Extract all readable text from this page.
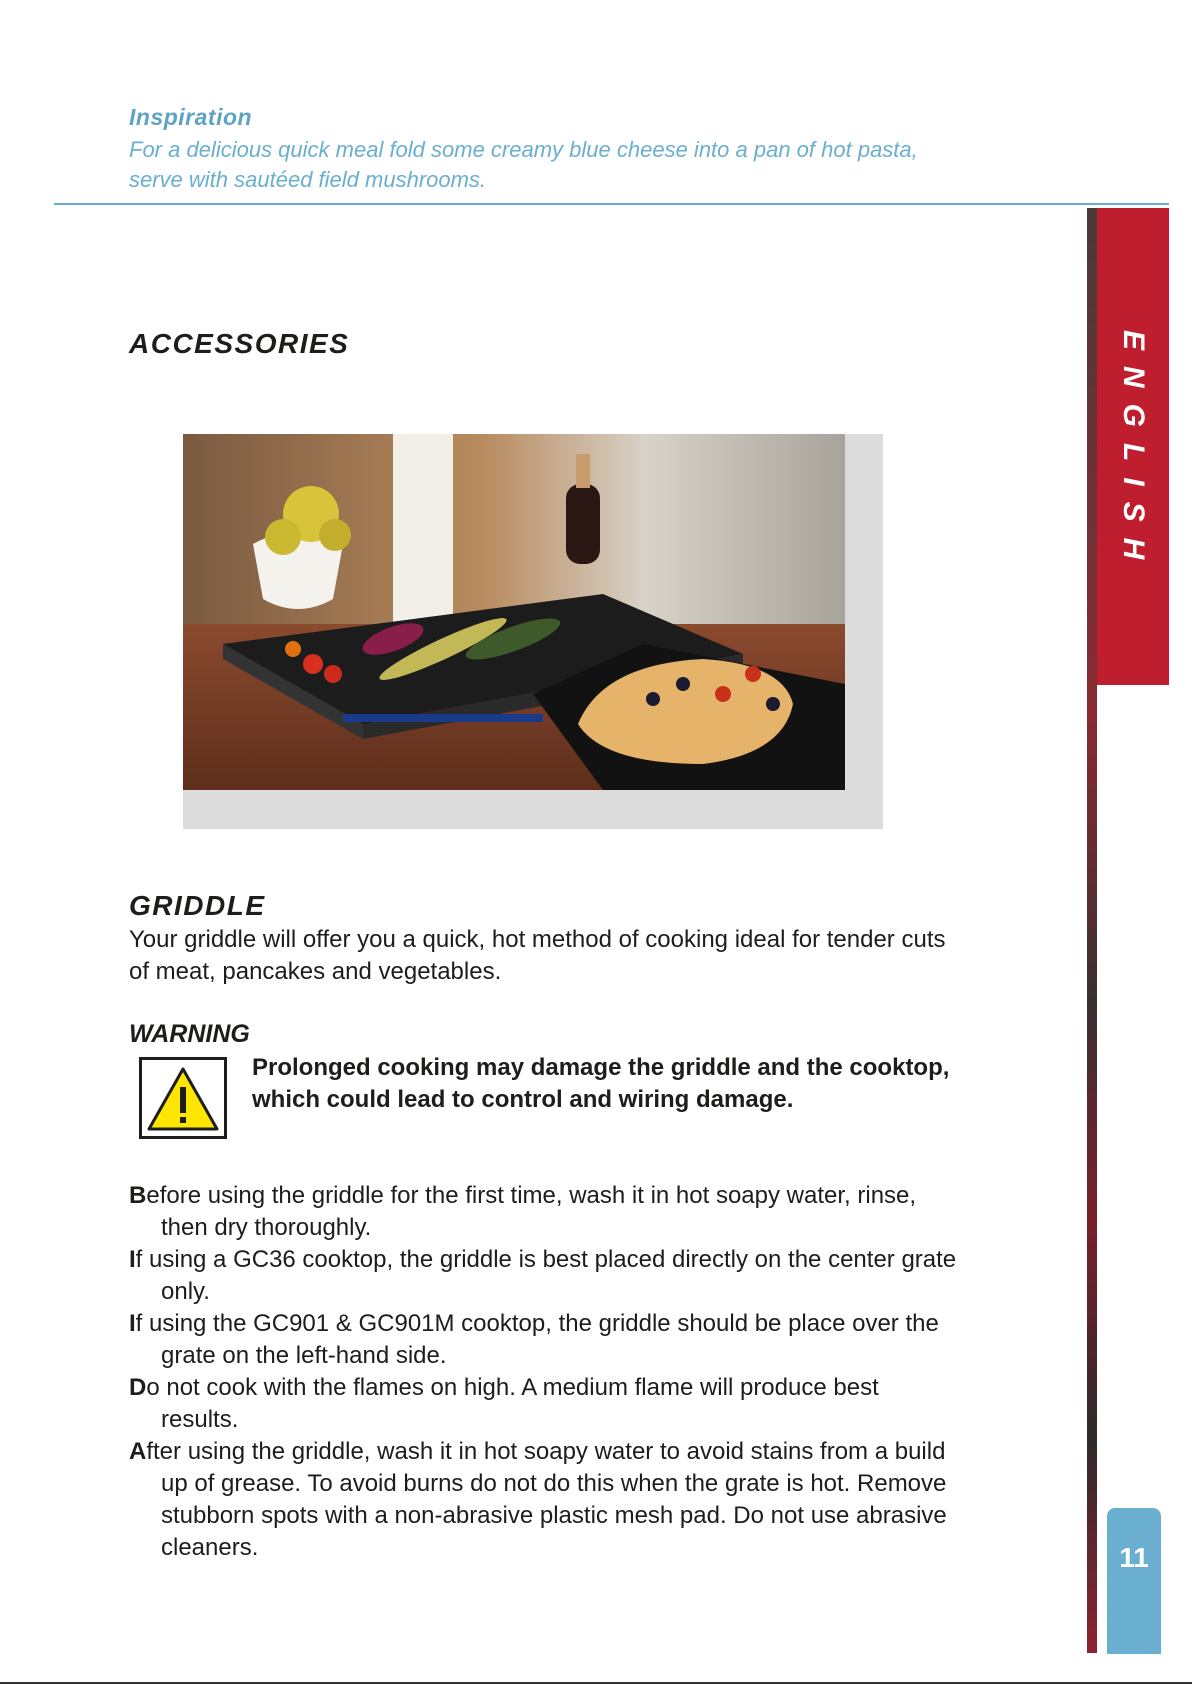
Inspiration
For a delicious quick meal fold some creamy blue cheese into a pan of hot pasta, serve with sautéed field mushrooms.
ENGLISH
ACCESSORIES
GRIDDLE
Your griddle will offer you a quick, hot method of cooking ideal for tender cuts of meat, pancakes and vegetables.
WARNING
Prolonged cooking may damage the griddle and the cooktop, which could lead to control and wiring damage.
Before using the griddle for the first time, wash it in hot soapy water, rinse, then dry thoroughly.
If using a GC36 cooktop, the griddle is best placed directly on the center grate only.
If using the GC901 & GC901M cooktop, the griddle should be place over the grate on the left-hand side.
Do not cook with the flames on high. A medium flame will produce best results.
After using the griddle, wash it in hot soapy water to avoid stains from a build up of grease. To avoid burns do not do this when the grate is hot. Remove stubborn spots with a non-abrasive plastic mesh pad. Do not use abrasive cleaners.	11
